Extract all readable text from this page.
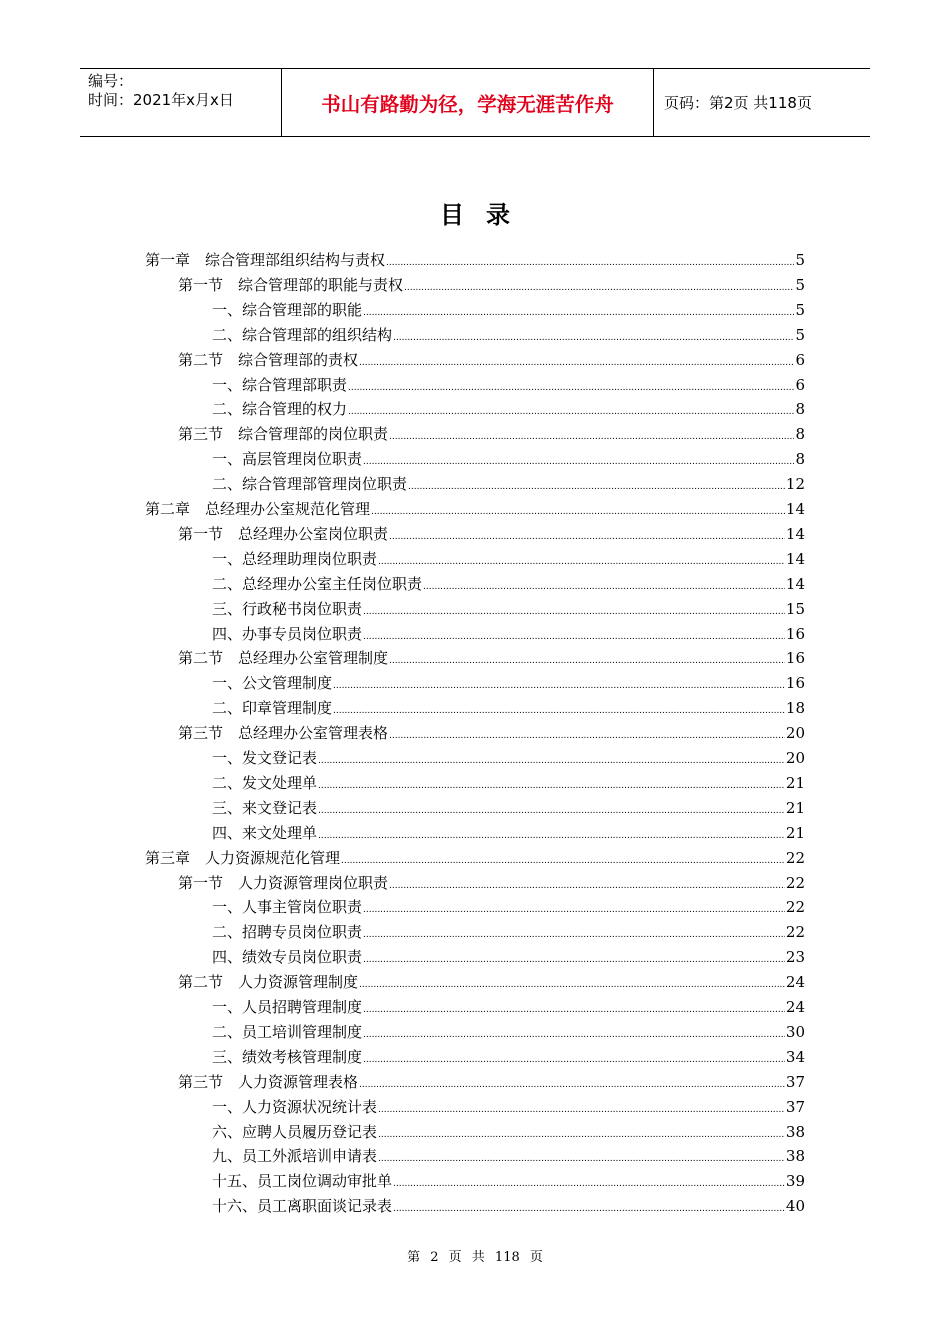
编号：
时间：2021年x月x日	书山有路勤为径，学海无涯苦作舟	页码：第2页 共118页
目录
第一章　综合管理部组织结构与责权 .....	5
第一节　综合管理部的职能与责权 .....	5
一、综合管理部的职能 .....	5
二、综合管理部的组织结构 .....	5
第二节　综合管理部的责权 .....	6
一、综合管理部职责 .....	6
二、综合管理的权力 .....	8
第三节　综合管理部的岗位职责 .....	8
一、高层管理岗位职责 .....	8
二、综合管理部管理岗位职责 .....	12
第二章　总经理办公室规范化管理 .....	14
第一节　总经理办公室岗位职责 .....	14
一、总经理助理岗位职责 .....	14
二、总经理办公室主任岗位职责 .....	14
三、行政秘书岗位职责 .....	15
四、办事专员岗位职责 .....	16
第二节　总经理办公室管理制度 .....	16
一、公文管理制度 .....	16
二、印章管理制度 .....	18
第三节　总经理办公室管理表格 .....	20
一、发文登记表 .....	20
二、发文处理单 .....	21
三、来文登记表 .....	21
四、来文处理单 .....	21
第三章　人力资源规范化管理 .....	22
第一节　人力资源管理岗位职责 .....	22
一、人事主管岗位职责 .....	22
二、招聘专员岗位职责 .....	22
四、绩效专员岗位职责 .....	23
第二节　人力资源管理制度 .....	24
一、人员招聘管理制度 .....	24
二、员工培训管理制度 .....	30
三、绩效考核管理制度 .....	34
第三节　人力资源管理表格 .....	37
一、人力资源状况统计表 .....	37
六、应聘人员履历登记表 .....	38
九、员工外派培训申请表 .....	38
十五、员工岗位调动审批单 .....	39
十六、员工离职面谈记录表 .....	40
第 2 页 共 118 页
